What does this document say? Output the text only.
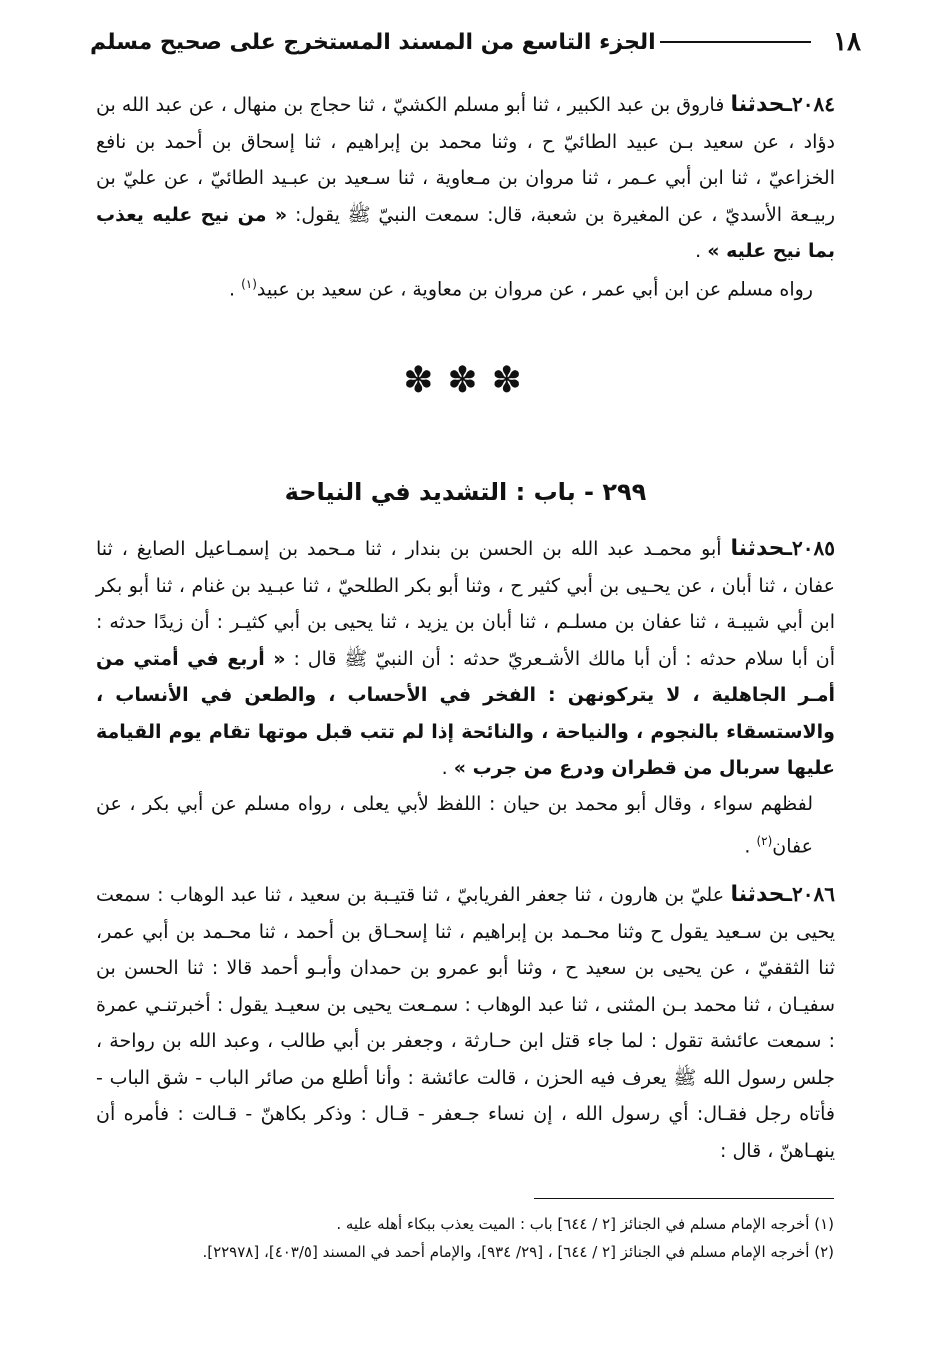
١٨
الجزء التاسع من المسند المستخرج على صحيح مسلم

٢٠٨٤ـحدثنا فاروق بن عبد الكبير ، ثنا أبو مسلم الكشيّ ، ثنا حجاج بن منهال ، عن عبد الله بن دؤاد ، عن سعيد بـن عبيد الطائيّ ح ، وثنا محمد بن إبراهيم ، ثنا إسحاق بن أحمد بن نافع الخزاعيّ ، ثنا ابن أبي عـمر ، ثنا مروان بن مـعاوية ، ثنا سـعيد بن عبـيد الطائيّ ، عن عليّ بن ربيـعة الأسديّ ، عن المغيرة بن شعبة، قال: سمعت النبيّ ﷺ يقول: « من نيح عليه يعذب بما نيح عليه » .

رواه مسلم عن ابن أبي عمر ، عن مروان بن معاوية ، عن سعيد بن عبيد$^{(١)}$ .

✽ ✽ ✽
٢٩٩ - باب : التشديد في النياحة

٢٠٨٥ـحدثنا أبو محمـد عبد الله بن الحسن بن بندار ، ثنا مـحمد بن إسمـاعيل الصايغ ، ثنا عفان ، ثنا أبان ، عن يحـيى بن أبي كثير ح ، وثنا أبو بكر الطلحيّ ، ثنا عبـيد بن غنام ، ثنا أبو بكر ابن أبي شيبـة ، ثنا عفان بن مسلـم ، ثنا أبان بن يزيد ، ثنا يحيى بن أبي كثيـر : أن زيدًا حدثه : أن أبا سلام حدثه : أن أبا مالك الأشـعريّ حدثه : أن النبيّ ﷺ قال : « أربع في أمتي من أمـر الجاهلية ، لا يتركونهن : الفخر في الأحساب ، والطعن في الأنساب ، والاستسقاء بالنجوم ، والنياحة ، والنائحة إذا لم تتب قبل موتها تقام يوم القيامة عليها سربال من قطران ودرع من جرب » .

لفظهم سواء ، وقال أبو محمد بن حيان : اللفظ لأبي يعلى ، رواه مسلم عن أبي بكر ، عن عفان$^{(٢)}$ .

٢٠٨٦ـحدثنا عليّ بن هارون ، ثنا جعفر الفريابيّ ، ثنا قتيـبة بن سعيد ، ثنا عبد الوهاب : سمعت يحيى بن سـعيد يقول ح وثنا محـمد بن إبراهيم ، ثنا إسحـاق بن أحمد ، ثنا محـمد بن أبي عمر، ثنا الثقفيّ ، عن يحيى بن سعيد ح ، وثنا أبو عمرو بن حمدان وأبـو أحمد قالا : ثنا الحسن بن سفيـان ، ثنا محمد بـن المثنى ، ثنا عبد الوهاب : سمـعت يحيى بن سعيـد يقول : أخبرتنـي عمرة : سمعت عائشة تقول : لما جاء قتل ابن حـارثة ، وجعفر بن أبي طالب ، وعبد الله بن رواحة ، جلس رسول الله ﷺ يعرف فيه الحزن ، قالت عائشة : وأنا أطلع من صائر الباب - شق الباب - فأتاه رجل فقـال: أي رسول الله ، إن نساء جـعفر - قـال : وذكر بكاهنّ - قـالت : فأمره أن ينهـاهنّ ، قال :

(١) أخرجه الإمام مسلم في الجنائز [٢ / ٦٤٤] باب : الميت يعذب ببكاء أهله عليه .

(٢) أخرجه الإمام مسلم في الجنائز [٢ / ٦٤٤] ، [٢٩/ ٩٣٤]، والإمام أحمد في المسند [٤٠٣/٥]، [٢٢٩٧٨].
